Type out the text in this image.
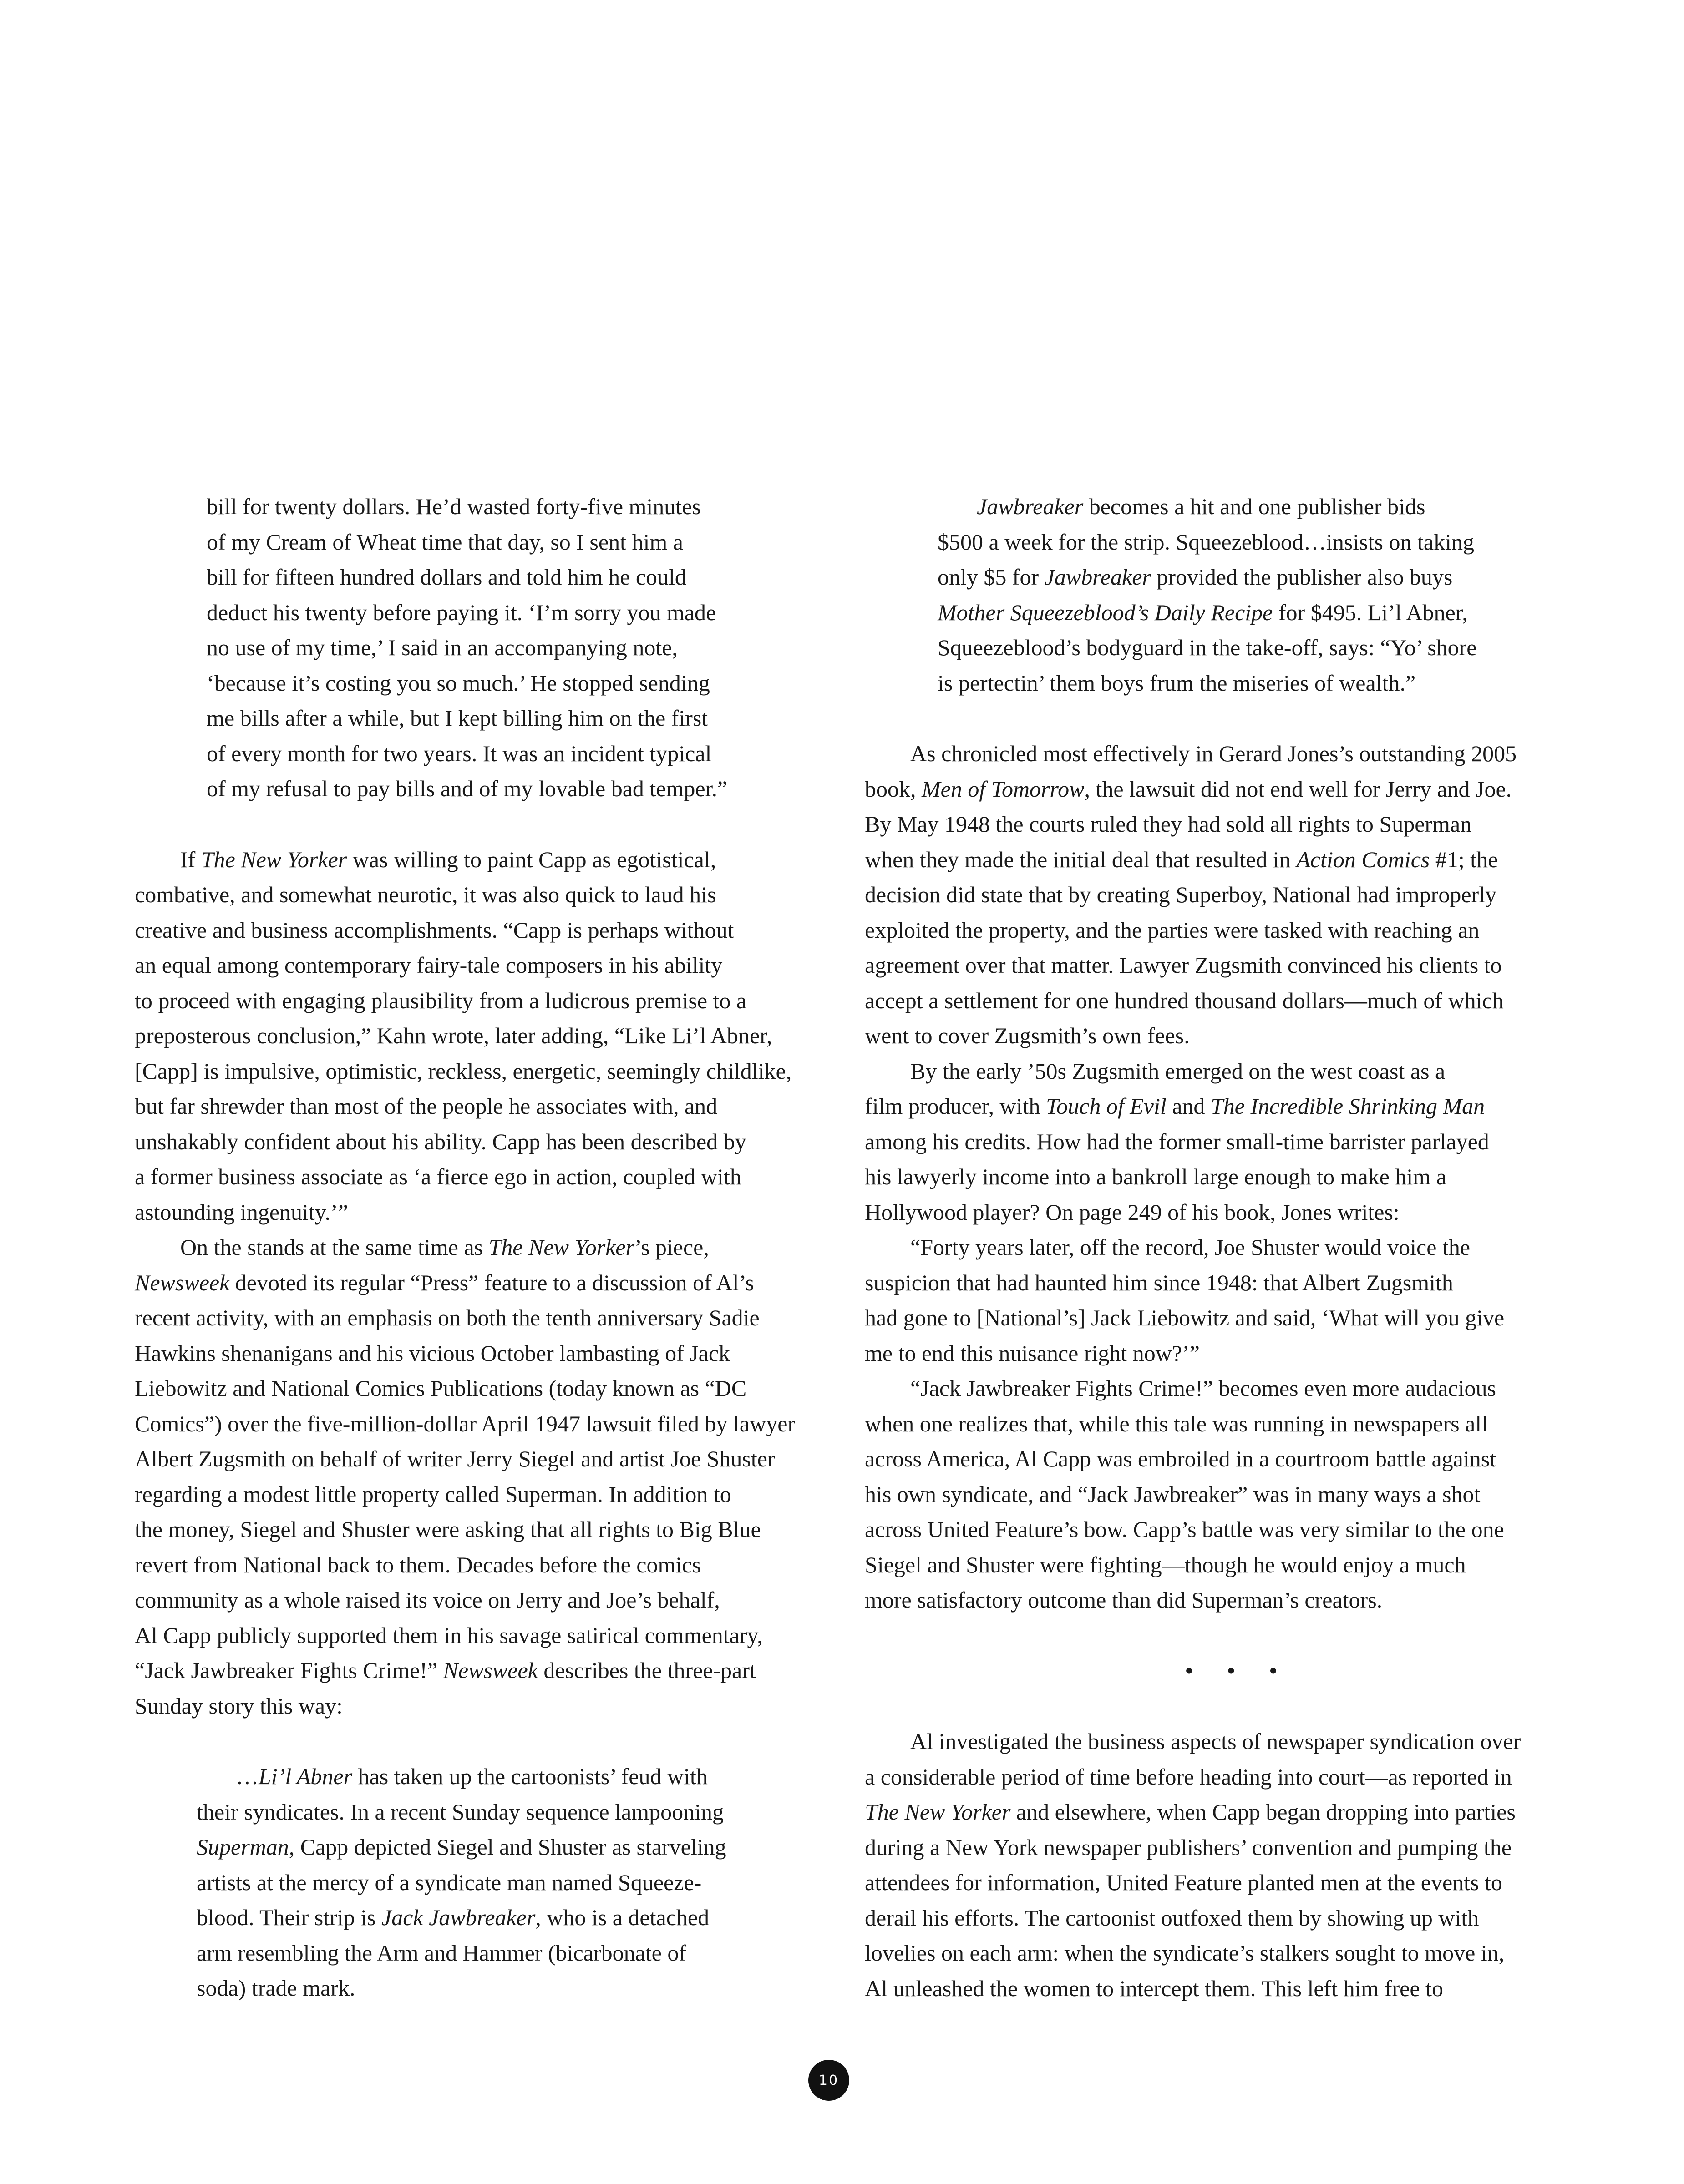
bill for twenty dollars. He’d wasted forty-five minutes
of my Cream of Wheat time that day, so I sent him a
bill for fifteen hundred dollars and told him he could
deduct his twenty before paying it. ‘I’m sorry you made
no use of my time,’ I said in an accompanying note,
‘because it’s costing you so much.’ He stopped sending
me bills after a while, but I kept billing him on the first
of every month for two years. It was an incident typical
of my refusal to pay bills and of my lovable bad temper.”
If The New Yorker was willing to paint Capp as egotistical,
combative, and somewhat neurotic, it was also quick to laud his
creative and business accomplishments. “Capp is perhaps without
an equal among contemporary fairy-tale composers in his ability
to proceed with engaging plausibility from a ludicrous premise to a
preposterous conclusion,” Kahn wrote, later adding, “Like Li’l Abner,
[Capp] is impulsive, optimistic, reckless, energetic, seemingly childlike,
but far shrewder than most of the people he associates with, and
unshakably confident about his ability. Capp has been described by
a former business associate as ‘a fierce ego in action, coupled with
astounding ingenuity.’”
On the stands at the same time as The New Yorker’s piece,
Newsweek devoted its regular “Press” feature to a discussion of Al’s
recent activity, with an emphasis on both the tenth anniversary Sadie
Hawkins shenanigans and his vicious October lambasting of Jack
Liebowitz and National Comics Publications (today known as “DC
Comics”) over the five-million-dollar April 1947 lawsuit filed by lawyer
Albert Zugsmith on behalf of writer Jerry Siegel and artist Joe Shuster
regarding a modest little property called Superman. In addition to
the money, Siegel and Shuster were asking that all rights to Big Blue
revert from National back to them. Decades before the comics
community as a whole raised its voice on Jerry and Joe’s behalf,
Al Capp publicly supported them in his savage satirical commentary,
“Jack Jawbreaker Fights Crime!” Newsweek describes the three-part
Sunday story this way:
…Li’l Abner has taken up the cartoonists’ feud with
their syndicates. In a recent Sunday sequence lampooning
Superman, Capp depicted Siegel and Shuster as starveling
artists at the mercy of a syndicate man named Squeeze-
blood. Their strip is Jack Jawbreaker, who is a detached
arm resembling the Arm and Hammer (bicarbonate of
soda) trade mark.
Jawbreaker becomes a hit and one publisher bids
$500 a week for the strip. Squeezeblood…insists on taking
only $5 for Jawbreaker provided the publisher also buys
Mother Squeezeblood’s Daily Recipe for $495. Li’l Abner,
Squeezeblood’s bodyguard in the take-off, says: “Yo’ shore
is pertectin’ them boys frum the miseries of wealth.”
As chronicled most effectively in Gerard Jones’s outstanding 2005
book, Men of Tomorrow, the lawsuit did not end well for Jerry and Joe.
By May 1948 the courts ruled they had sold all rights to Superman
when they made the initial deal that resulted in Action Comics #1; the
decision did state that by creating Superboy, National had improperly
exploited the property, and the parties were tasked with reaching an
agreement over that matter. Lawyer Zugsmith convinced his clients to
accept a settlement for one hundred thousand dollars—much of which
went to cover Zugsmith’s own fees.
By the early ’50s Zugsmith emerged on the west coast as a
film producer, with Touch of Evil and The Incredible Shrinking Man
among his credits. How had the former small-time barrister parlayed
his lawyerly income into a bankroll large enough to make him a
Hollywood player? On page 249 of his book, Jones writes:
“Forty years later, off the record, Joe Shuster would voice the
suspicion that had haunted him since 1948: that Albert Zugsmith
had gone to [National’s] Jack Liebowitz and said, ‘What will you give
me to end this nuisance right now?’”
“Jack Jawbreaker Fights Crime!” becomes even more audacious
when one realizes that, while this tale was running in newspapers all
across America, Al Capp was embroiled in a courtroom battle against
his own syndicate, and “Jack Jawbreaker” was in many ways a shot
across United Feature’s bow. Capp’s battle was very similar to the one
Siegel and Shuster were fighting—though he would enjoy a much
more satisfactory outcome than did Superman’s creators.
• • •
Al investigated the business aspects of newspaper syndication over
a considerable period of time before heading into court—as reported in
The New Yorker and elsewhere, when Capp began dropping into parties
during a New York newspaper publishers’ convention and pumping the
attendees for information, United Feature planted men at the events to
derail his efforts. The cartoonist outfoxed them by showing up with
lovelies on each arm: when the syndicate’s stalkers sought to move in,
Al unleashed the women to intercept them. This left him free to
10
